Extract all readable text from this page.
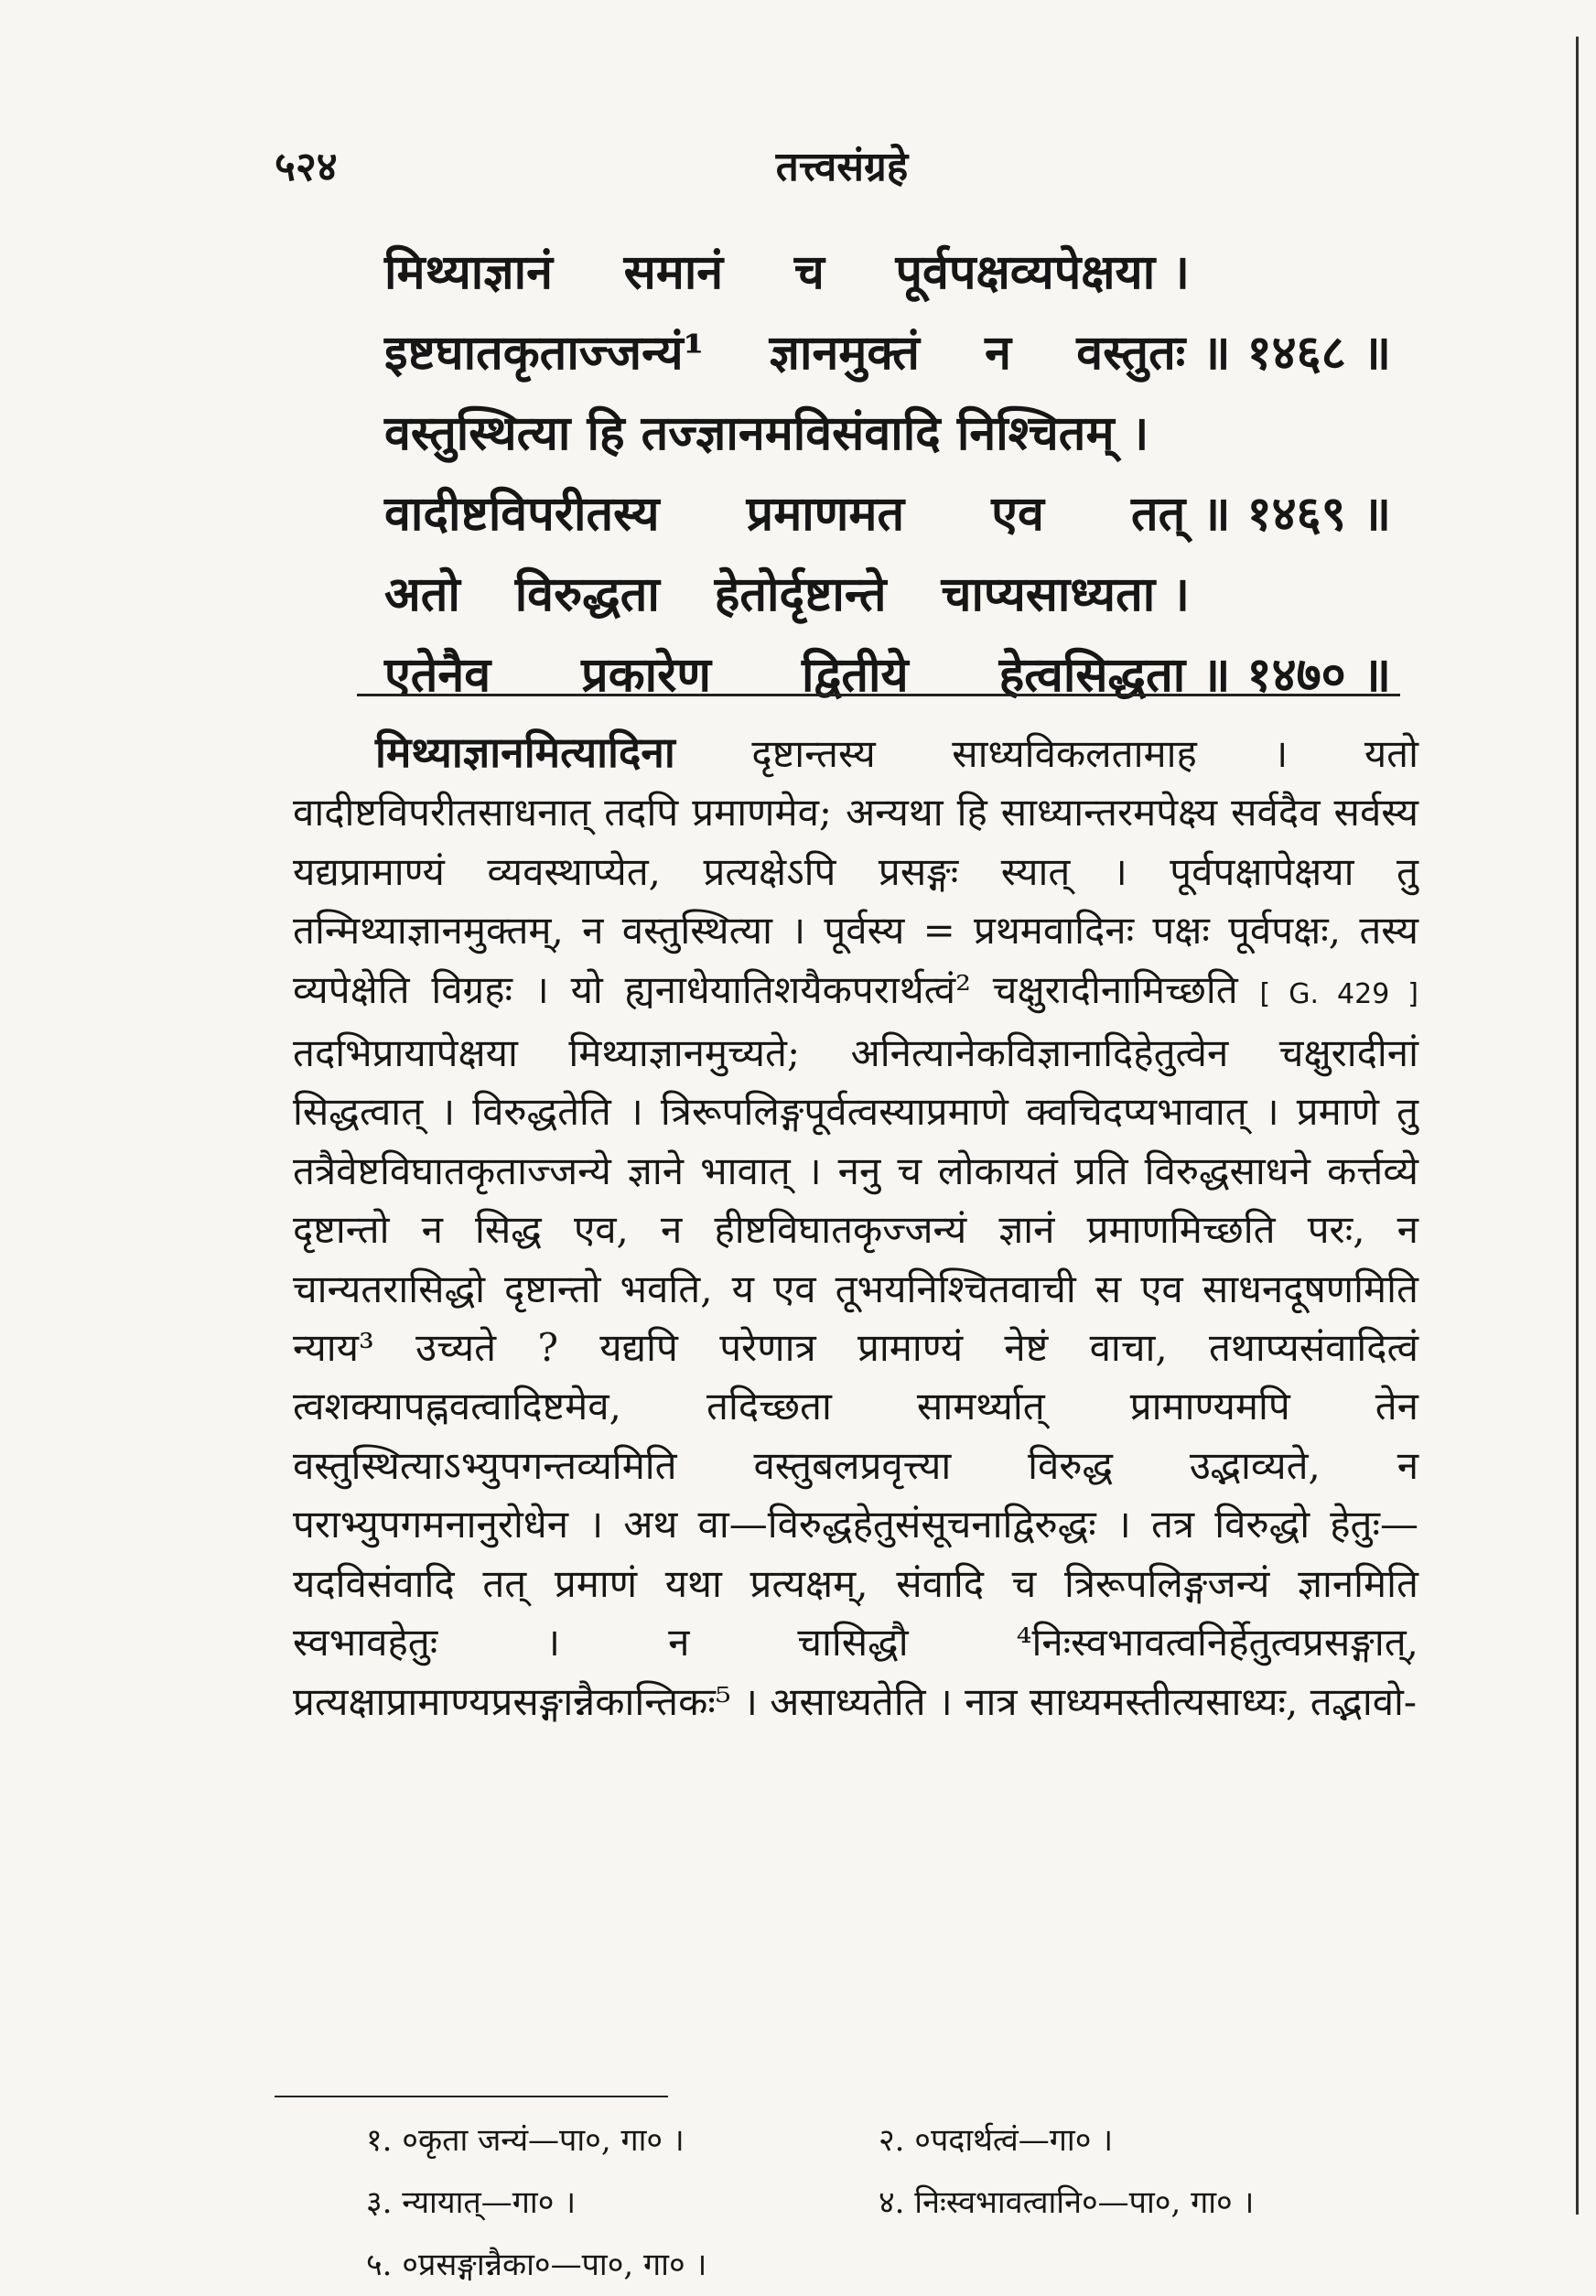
५२४	तत्त्वसंग्रहे
मिथ्याज्ञानं समानं च पूर्वपक्षव्यपेक्षया ।
इष्टघातकृताज्जन्यं¹ ज्ञानमुक्तं न वस्तुतः ॥ १४६८ ॥
वस्तुस्थित्या हि तज्ज्ञानमविसंवादि निश्चितम् ।
वादीष्टविपरीतस्य प्रमाणमत एव तत् ॥ १४६९ ॥
अतो विरुद्धता हेतोर्दृष्टान्ते चाप्यसाध्यता ।
एतेनैव प्रकारेण द्वितीये हेत्वसिद्धता ॥ १४७० ॥

मिथ्याज्ञानमित्यादिना दृष्टान्तस्य साध्यविकलतामाह । यतो वादीष्टविपरीतसाधनात् तदपि प्रमाणमेव; अन्यथा हि साध्यान्तरमपेक्ष्य सर्वदैव सर्वस्य यद्यप्रामाण्यं व्यवस्थाप्येत, प्रत्यक्षेऽपि प्रसङ्गः स्यात् । पूर्वपक्षापेक्षया तु तन्मिथ्याज्ञानमुक्तम्, न वस्तुस्थित्या । पूर्वस्य = प्रथमवादिनः पक्षः पूर्वपक्षः, तस्य व्यपेक्षेति विग्रहः । यो ह्यनाधेयातिशयैकपरार्थत्वं² चक्षुरादीनामिच्छति [ G. 429 ] तदभिप्रायापेक्षया मिथ्याज्ञानमुच्यते; अनित्यानेकविज्ञानादिहेतुत्वेन चक्षुरादीनां सिद्धत्वात् । विरुद्धतेति । त्रिरूपलिङ्गपूर्वत्वस्याप्रमाणे क्वचिदप्यभावात् । प्रमाणे तु तत्रैवेष्टविघातकृताज्जन्ये ज्ञाने भावात् । ननु च लोकायतं प्रति विरुद्धसाधने कर्त्तव्ये दृष्टान्तो न सिद्ध एव, न हीष्टविघातकृज्जन्यं ज्ञानं प्रमाणमिच्छति परः, न चान्यतरासिद्धो दृष्टान्तो भवति, य एव तूभयनिश्चितवाची स एव साधनदूषणमिति न्याय³ उच्यते ? यद्यपि परेणात्र प्रामाण्यं नेष्टं वाचा, तथाप्यसंवादित्वं त्वशक्यापह्नवत्वादिष्टमेव, तदिच्छता सामर्थ्यात् प्रामाण्यमपि तेन वस्तुस्थित्याऽभ्युपगन्तव्यमिति वस्तुबलप्रवृत्त्या विरुद्ध उद्भाव्यते, न पराभ्युपगमनानुरोधेन । अथ वा—विरुद्धहेतुसंसूचनाद्विरुद्धः । तत्र विरुद्धो हेतुः— यदविसंवादि तत् प्रमाणं यथा प्रत्यक्षम्, संवादि च त्रिरूपलिङ्गजन्यं ज्ञानमिति स्वभावहेतुः । न चासिद्धौ ⁴निःस्वभावत्वनिर्हेतुत्वप्रसङ्गात्, प्रत्यक्षाप्रामाण्यप्रसङ्गान्नैकान्तिकः⁵ । असाध्यतेति । नात्र साध्यमस्तीत्यसाध्यः, तद्भावो-

१. ०कृता जन्यं—पा०, गा० ।	२. ०पदार्थत्वं—गा० ।
३. न्यायात्—गा० ।	४. निःस्वभावत्वानि०—पा०, गा० ।
५. ०प्रसङ्गान्नैका०—पा०, गा० ।
